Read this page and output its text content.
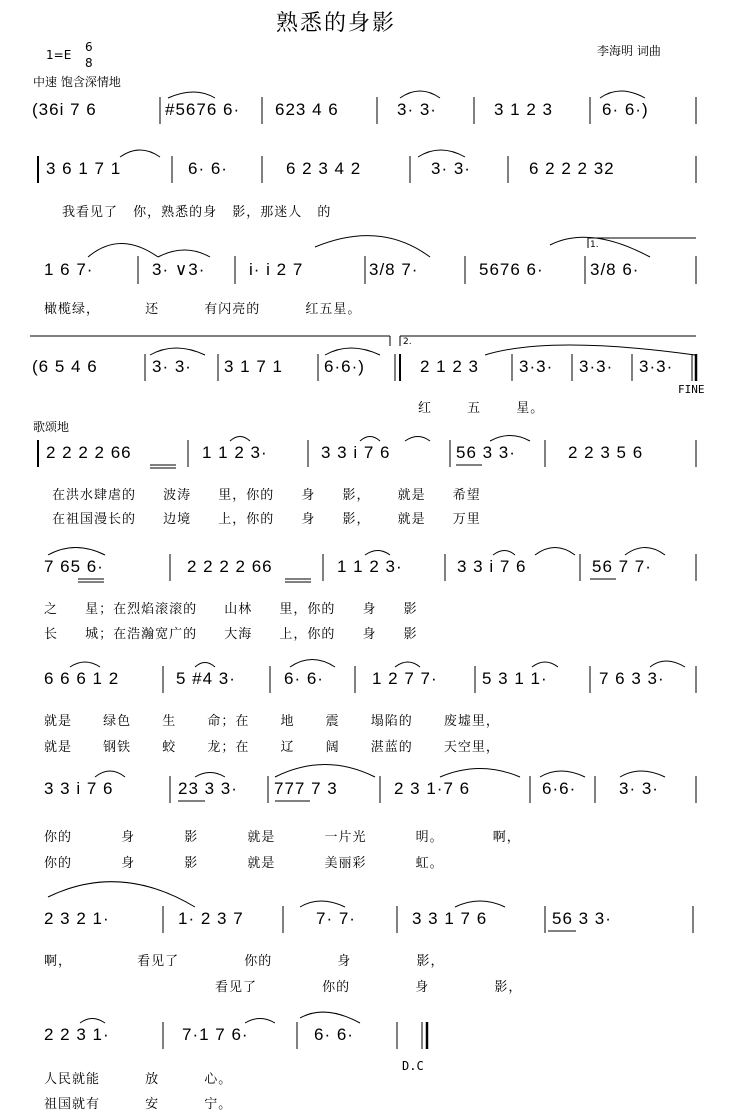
熟悉的身影
1=E
6
8
李海明 词曲
中速 饱含深情地
(36i 7 6	#5676 6· 623 4 6	3· 3·	3 1 2 3	6· 6·)
3 6 1 7 1	6· 6·	6 2 3 4 2	3· 3·	6 2 2 2 32
我看见了 你，熟悉的身 影，那迷人 的
1 6 7·	3· ∨3·	i· i 2 7	3/8 7·	5676 6·	3/8 6·
橄榄绿， 还 有闪亮的 红五星。
(6 5 4 6	3· 3· 3 1 7 1 6·6·)	2 1 2 3 3·3· 3·3· 3·3·
1.
2.
FINE
红 五 星。
歌颂地
2 2 2 2 66	1 1 2 3·	3 3 i 7 6	56 3 3·	2 2 3 5 6
在洪水肆虐的 波涛 里，你的 身 影， 就是 希望
在祖国漫长的 边境 上，你的 身 影， 就是 万里
7 65 6·	2 2 2 2 66	1 1 2 3·	3 3 i 7 6	56 7 7·
之 星；在烈焰滚滚的 山林 里，你的 身 影
长 城；在浩瀚宽广的 大海 上，你的 身 影
6 6 6 1 2	5 #4 3·	6· 6·	1 2 7 7·	5 3 1 1·	7 6 3 3·
就是 绿色 生 命；在 地 震 塌陷的 废墟里，
就是 钢铁 蛟 龙；在 辽 阔 湛蓝的 天空里，
3 3 i 7 6	23 3 3· 777 7 3	2 3 1·7 6	6·6·	3· 3·
你的 身 影 就是 一片光 明。 啊，
你的 身 影 就是 美丽彩 虹。
2 3 2 1·	1· 2 3 7	7· 7·	3 3 1 7 6	56 3 3·
啊， 看见了 你的 身 影，
看见了 你的 身 影，
2 2 3 1·	7·1 7 6·	6· 6·
D.C
人民就能 放 心。
祖国就有 安 宁。
